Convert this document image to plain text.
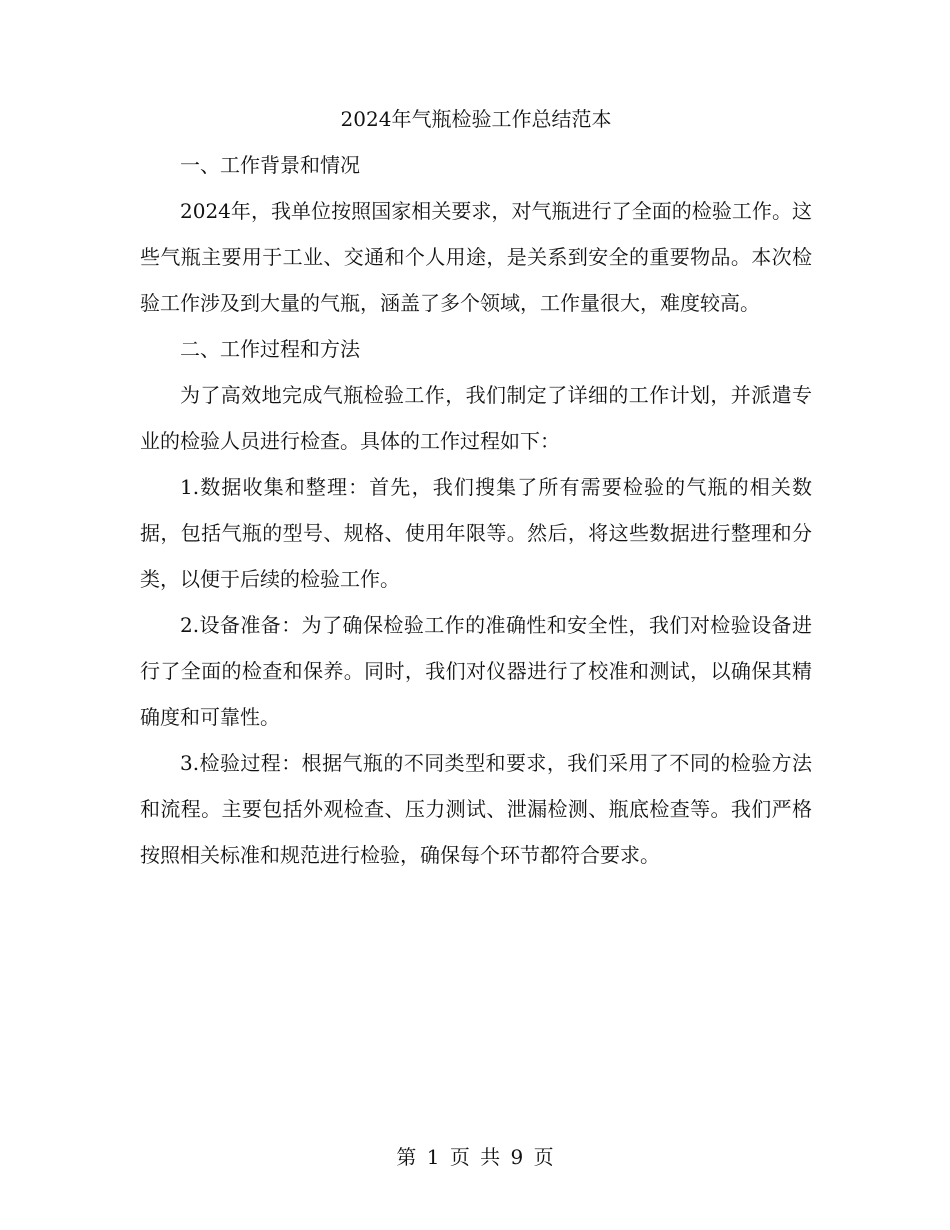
2024年气瓶检验工作总结范本

一、工作背景和情况

2024年，我单位按照国家相关要求，对气瓶进行了全面的检验工作。这些气瓶主要用于工业、交通和个人用途，是关系到安全的重要物品。本次检验工作涉及到大量的气瓶，涵盖了多个领域，工作量很大，难度较高。

二、工作过程和方法

为了高效地完成气瓶检验工作，我们制定了详细的工作计划，并派遣专业的检验人员进行检查。具体的工作过程如下：

1.数据收集和整理：首先，我们搜集了所有需要检验的气瓶的相关数据，包括气瓶的型号、规格、使用年限等。然后，将这些数据进行整理和分类，以便于后续的检验工作。

2.设备准备：为了确保检验工作的准确性和安全性，我们对检验设备进行了全面的检查和保养。同时，我们对仪器进行了校准和测试，以确保其精确度和可靠性。

3.检验过程：根据气瓶的不同类型和要求，我们采用了不同的检验方法和流程。主要包括外观检查、压力测试、泄漏检测、瓶底检查等。我们严格按照相关标准和规范进行检验，确保每个环节都符合要求。

第 1 页 共 9 页
